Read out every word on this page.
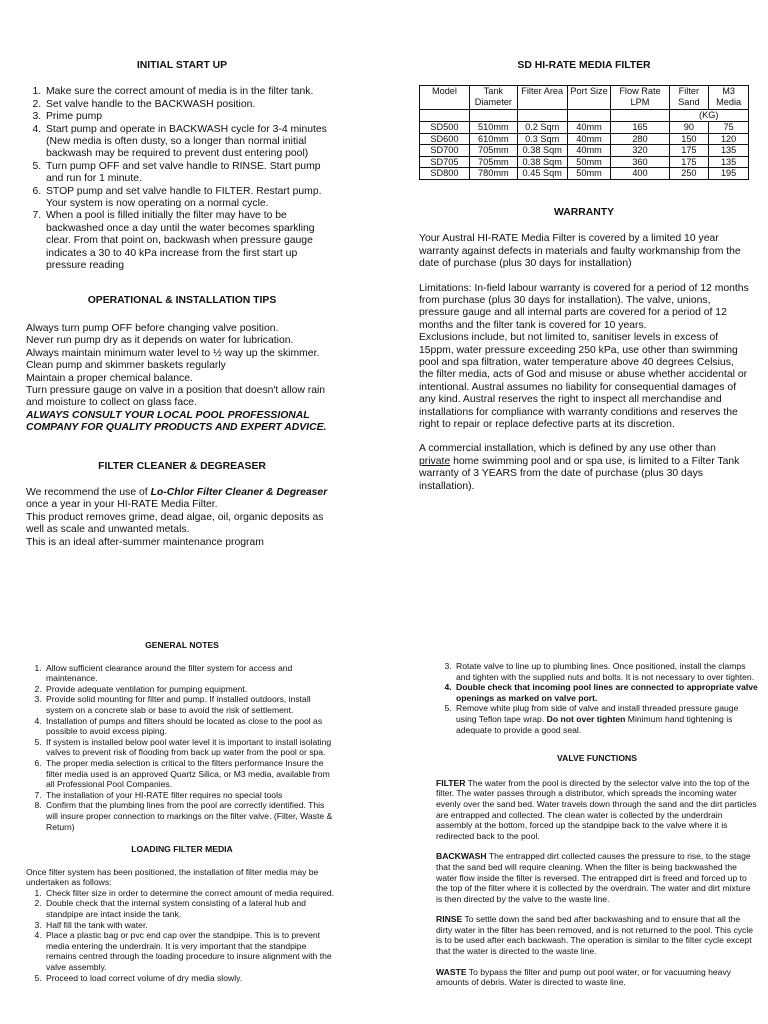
INITIAL START UP

1. Make sure the correct amount of media is in the filter tank.
2. Set valve handle to the BACKWASH position.
3. Prime pump
4. Start pump and operate in BACKWASH cycle for 3-4 minutes (New media is often dusty, so a longer than normal initial backwash may be required to prevent dust entering pool)
5. Turn pump OFF and set valve handle to RINSE. Start pump and run for 1 minute.
6. STOP pump and set valve handle to FILTER. Restart pump. Your system is now operating on a normal cycle.
7. When a pool is filled initially the filter may have to be backwashed once a day until the water becomes sparkling clear. From that point on, backwash when pressure gauge indicates a 30 to 40 kPa increase from the first start up pressure reading

OPERATIONAL & INSTALLATION TIPS

Always turn pump OFF before changing valve position.

Never run pump dry as it depends on water for lubrication.

Always maintain minimum water level to ½ way up the skimmer.

Clean pump and skimmer baskets regularly

Maintain a proper chemical balance.

Turn pressure gauge on valve in a position that doesn't allow rain and moisture to collect on glass face.

ALWAYS CONSULT YOUR LOCAL POOL PROFESSIONAL COMPANY FOR QUALITY PRODUCTS AND EXPERT ADVICE.

FILTER CLEANER & DEGREASER

We recommend the use of Lo-Chlor Filter Cleaner & Degreaser

once a year in your HI-RATE Media Filter.

This product removes grime, dead algae, oil, organic deposits as well as scale and unwanted metals.

This is an ideal after-summer maintenance program

SD HI-RATE MEDIA FILTER

Model	Tank Diameter	Filter Area	Port Size	Flow Rate LPM	Filter Sand	M3 Media
					(KG)	
SD500	510mm	0.2 Sqm	40mm	165	90	75
SD600	610mm	0.3 Sqm	40mm	280	150	120
SD700	705mm	0.38 Sqm	40mm	320	175	135
SD705	705mm	0.38 Sqm	50mm	360	175	135
SD800	780mm	0.45 Sqm	50mm	400	250	195

WARRANTY

Your Austral HI-RATE Media Filter is covered by a limited 10 year warranty against defects in materials and faulty workmanship from the date of purchase (plus 30 days for installation)

Limitations: In-field labour warranty is covered for a period of 12 months from purchase (plus 30 days for installation). The valve, unions, pressure gauge and all internal parts are covered for a period of 12 months and the filter tank is covered for 10 years.

Exclusions include, but not limited to, sanitiser levels in excess of 15ppm, water pressure exceeding 250 kPa, use other than swimming pool and spa filtration, water temperature above 40 degrees Celsius, the filter media, acts of God and misuse or abuse whether accidental or intentional. Austral assumes no liability for consequential damages of any kind. Austral reserves the right to inspect all merchandise and installations for compliance with warranty conditions and reserves the right to repair or replace defective parts at its discretion.

A commercial installation, which is defined by any use other than private home swimming pool and or spa use, is limited to a Filter Tank warranty of 3 YEARS from the date of purchase (plus 30 days installation).

GENERAL NOTES

1. Allow sufficient clearance around the filter system for access and maintenance.
2. Provide adequate ventilation for pumping equipment.
3. Provide solid mounting for filter and pump. If installed outdoors, install system on a concrete slab or base to avoid the risk of settlement.
4. Installation of pumps and filters should be located as close to the pool as possible to avoid excess piping.
5. If system is installed below pool water level it is important to install isolating valves to prevent risk of flooding from back up water from the pool or spa.
6. The proper media selection is critical to the filters performance Insure the filter media used is an approved Quartz Silica, or M3 media, available from all Professional Pool Companies.
7. The installation of your HI-RATE filter requires no special tools
8. Confirm that the plumbing lines from the pool are correctly identified. This will insure proper connection to markings on the filter valve. (Filter, Waste & Return)

LOADING FILTER MEDIA

Once filter system has been positioned, the installation of filter media may be undertaken as follows:

1. Check filter size in order to determine the correct amount of media required.
2. Double check that the internal system consisting of a lateral hub and standpipe are intact inside the tank.
3. Half fill the tank with water.
4. Place a plastic bag or pvc end cap over the standpipe. This is to prevent media entering the underdrain. It is very important that the standpipe remains centred through the loading procedure to insure alignment with the valve assembly.
5. Proceed to load correct volume of dry media slowly.
3. Rotate valve to line up to plumbing lines. Once positioned, install the clamps and tighten with the supplied nuts and bolts. It is not necessary to over tighten.
4. Double check that incoming pool lines are connected to appropriate valve openings as marked on valve port.
5. Remove white plug from side of valve and install threaded pressure gauge using Teflon tape wrap. Do not over tighten Minimum hand tightening is adequate to provide a good seal.

VALVE FUNCTIONS

FILTER The water from the pool is directed by the selector valve into the top of the filter. The water passes through a distributor, which spreads the incoming water evenly over the sand bed. Water travels down through the sand and the dirt particles are entrapped and collected. The clean water is collected by the underdrain assembly at the bottom, forced up the standpipe back to the valve where it is redirected back to the pool.

BACKWASH The entrapped dirt collected causes the pressure to rise, to the stage that the sand bed will require cleaning. When the filter is being backwashed the water flow inside the filter is reversed. The entrapped dirt is freed and forced up to the top of the filter where it is collected by the overdrain. The water and dirt mixture is then directed by the valve to the waste line.

RINSE To settle down the sand bed after backwashing and to ensure that all the dirty water in the filter has been removed, and is not returned to the pool. This cycle is to be used after each backwash. The operation is similar to the filter cycle except that the water is directed to the waste line.

WASTE To bypass the filter and pump out pool water, or for vacuuming heavy amounts of debris. Water is directed to waste line.
